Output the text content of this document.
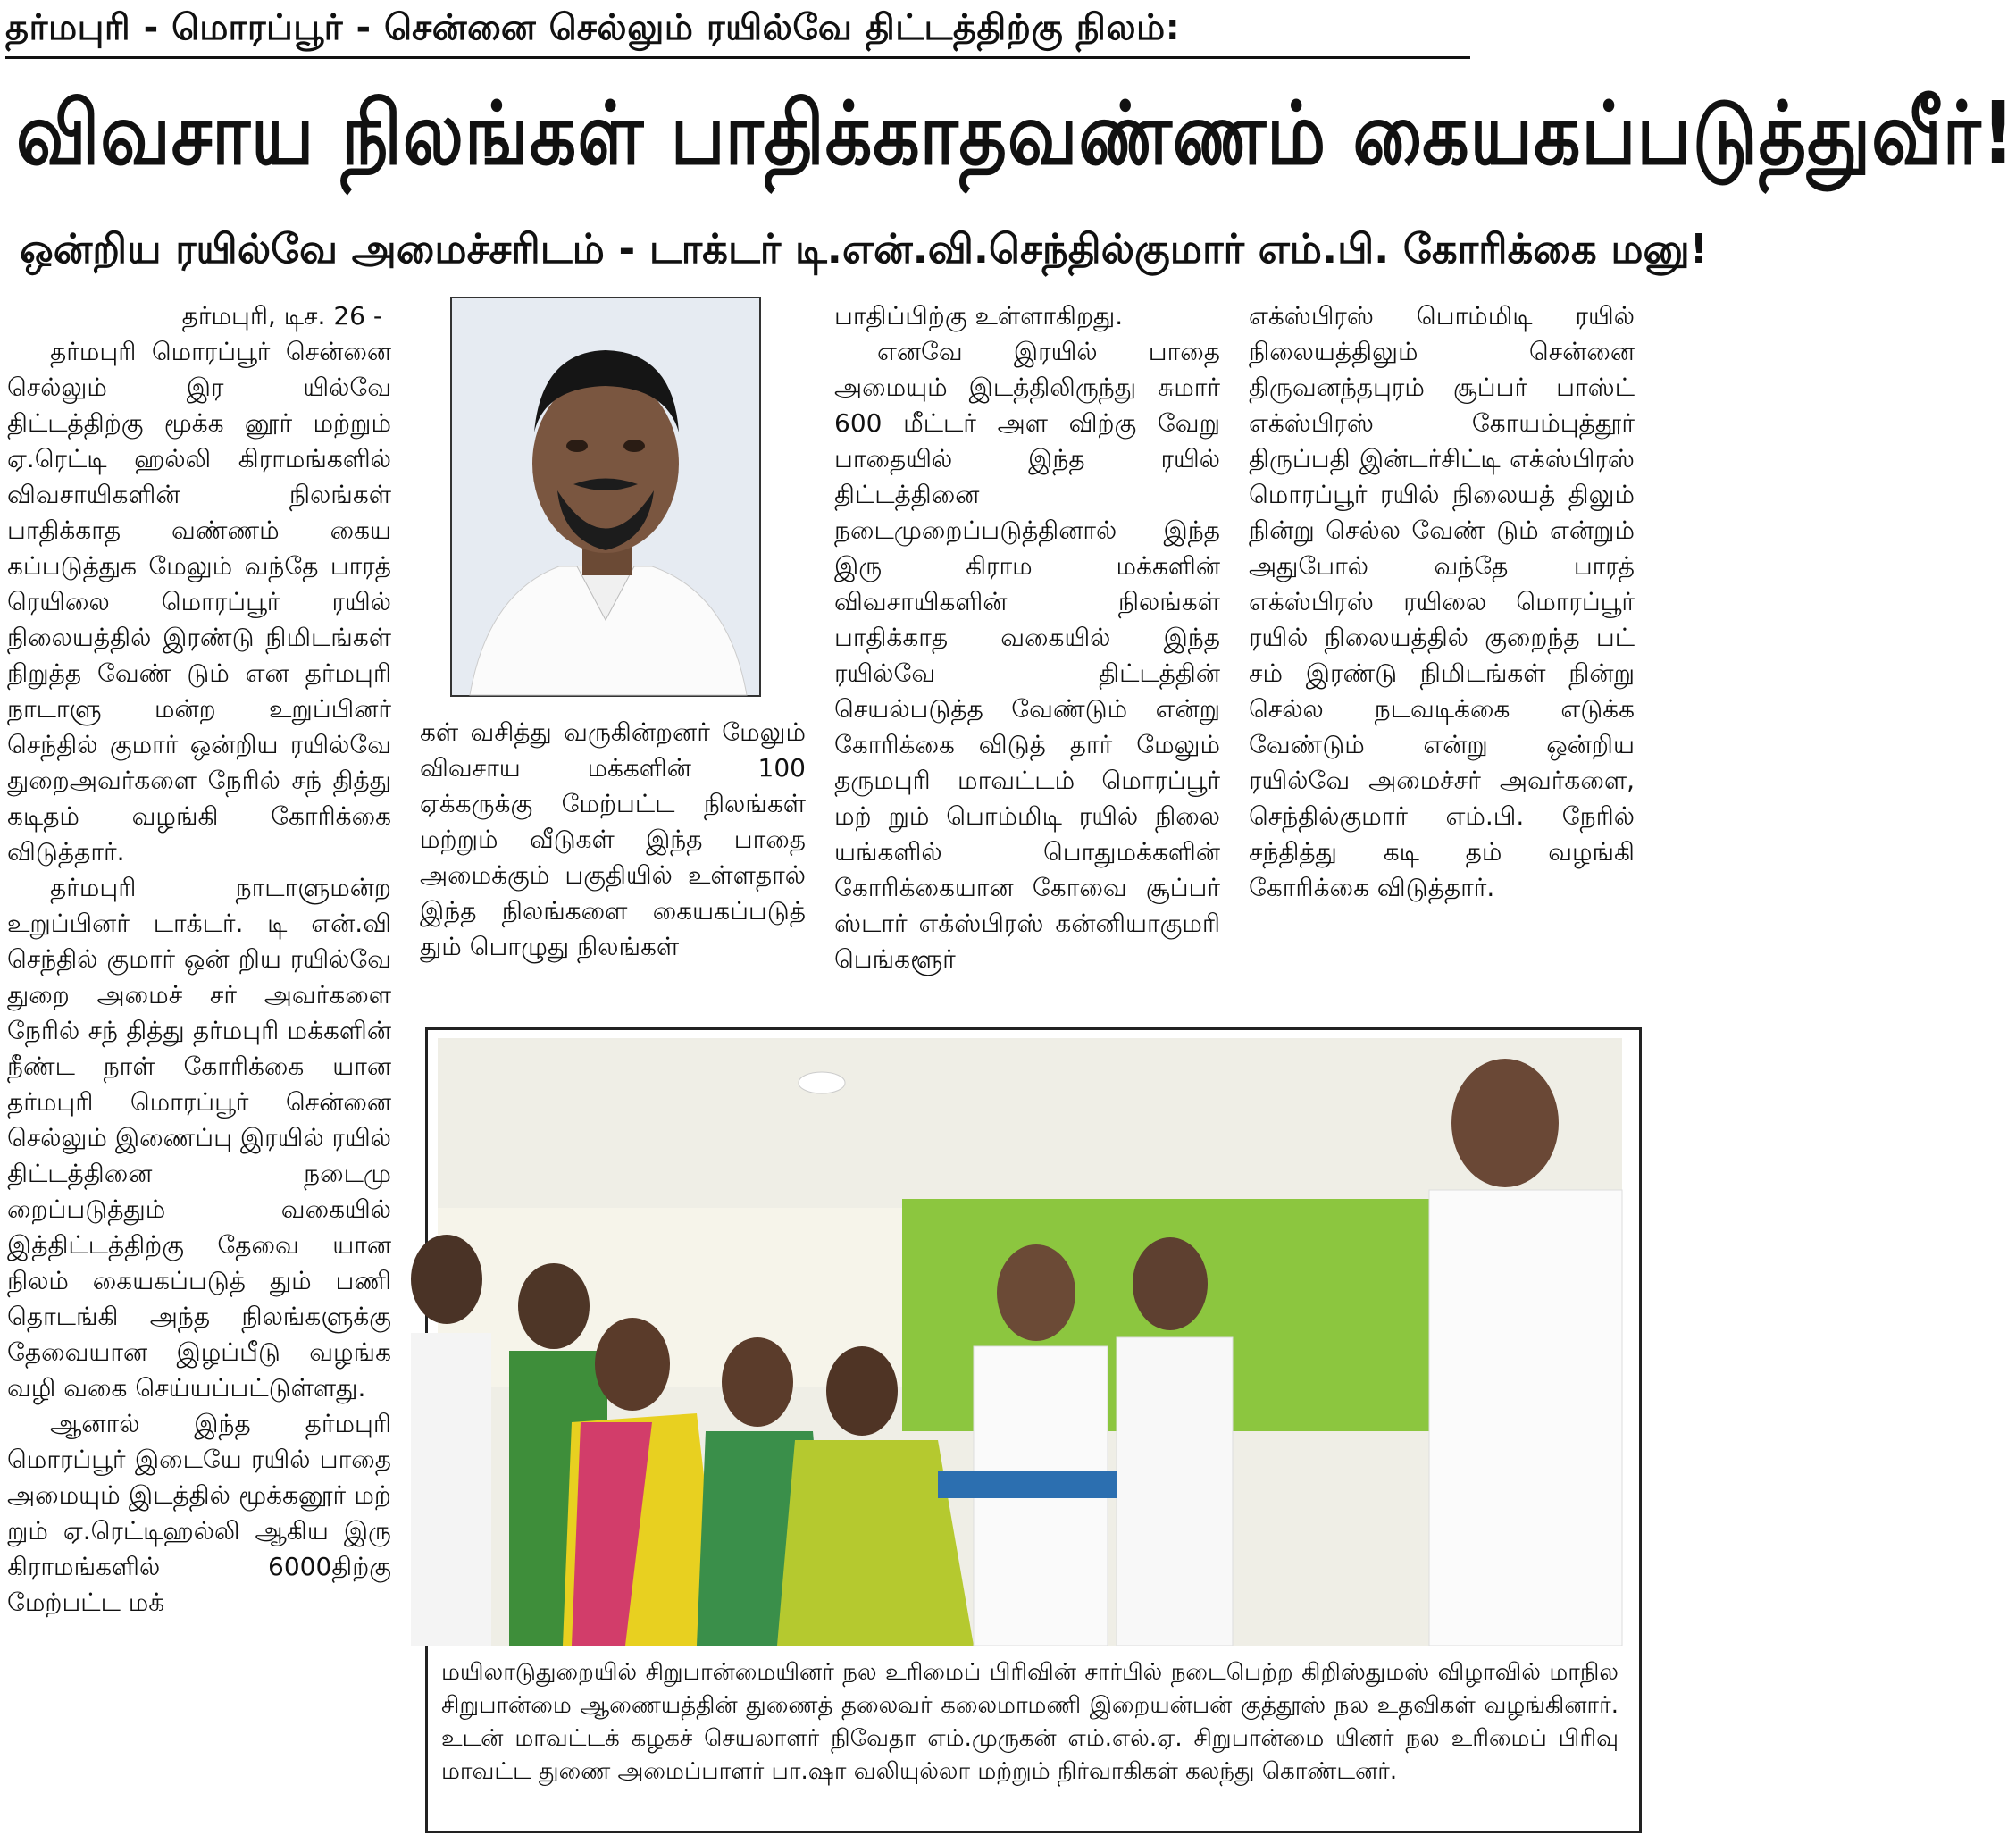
தர்மபுரி - மொரப்பூர் - சென்னை செல்லும் ரயில்வே திட்டத்திற்கு நிலம்:
விவசாய நிலங்கள் பாதிக்காதவண்ணம் கையகப்படுத்துவீர்!
ஒன்றிய ரயில்வே அமைச்சரிடம் - டாக்டர் டி.என்.வி.செந்தில்குமார் எம்.பி. கோரிக்கை மனு!

தர்மபுரி, டிச. 26 -

தர்மபுரி மொரப்பூர் சென்னை செல்லும் இர யில்வே திட்டத்திற்கு மூக்க னூர் மற்றும் ஏ.ரெட்டி ஹல்லி கிராமங்களில் விவசாயிகளின் நிலங்கள் பாதிக்காத வண்ணம் கைய கப்படுத்துக மேலும் வந்தே பாரத் ரெயிலை மொரப்பூர் ரயில் நிலையத்தில் இரண்டு நிமிடங்கள் நிறுத்த வேண் டும் என தர்மபுரி நாடாளு மன்ற உறுப்பினர் செந்தில் குமார் ஒன்றிய ரயில்வே துறைஅவர்களை நேரில் சந் தித்து கடிதம் வழங்கி கோரிக்கை விடுத்தார்.

தர்மபுரி நாடாளுமன்ற உறுப்பினர் டாக்டர். டி என்.வி செந்தில் குமார் ஒன் றிய ரயில்வே துறை அமைச் சர் அவர்களை நேரில் சந் தித்து தர்மபுரி மக்களின் நீண்ட நாள் கோரிக்கை யான தர்மபுரி மொரப்பூர் சென்னை செல்லும் இணைப்பு இரயில் ரயில் திட்டத்தினை நடைமு றைப்படுத்தும் வகையில் இத்திட்டத்திற்கு தேவை யான நிலம் கையகப்படுத் தும் பணி தொடங்கி அந்த நிலங்களுக்கு தேவையான இழப்பீடு வழங்க வழி வகை செய்யப்பட்டுள்ளது.

ஆனால் இந்த தர்மபுரி மொரப்பூர் இடையே ரயில் பாதை அமையும் இடத்தில் மூக்கனூர் மற் றும் ஏ.ரெட்டிஹல்லி ஆகிய இரு கிராமங்களில் 6000திற்கு மேற்பட்ட மக்

கள் வசித்து வருகின்றனர் மேலும் விவசாய மக்களின் 100 ஏக்கருக்கு மேற்பட்ட நிலங்கள் மற்றும் வீடுகள் இந்த பாதை அமைக்கும் பகுதியில் உள்ளதால் இந்த நிலங்களை கையகப்படுத் தும் பொழுது நிலங்கள்

பாதிப்பிற்கு உள்ளாகிறது.

எனவே இரயில் பாதை அமையும் இடத்திலிருந்து சுமார் 600 மீட்டர் அள விற்கு வேறு பாதையில் இந்த ரயில் திட்டத்தினை நடைமுறைப்படுத்தினால் இந்த இரு கிராம மக்களின் விவசாயிகளின் நிலங்கள் பாதிக்காத வகையில் இந்த ரயில்வே திட்டத்தின் செயல்படுத்த வேண்டும் என்று கோரிக்கை விடுத் தார் மேலும் தருமபுரி மாவட்டம் மொரப்பூர் மற் றும் பொம்மிடி ரயில் நிலை யங்களில் பொதுமக்களின் கோரிக்கையான கோவை சூப்பர் ஸ்டார் எக்ஸ்பிரஸ் கன்னியாகுமரி பெங்களூர்

எக்ஸ்பிரஸ் பொம்மிடி ரயில் நிலையத்திலும் சென்னை திருவனந்தபுரம் சூப்பர் பாஸ்ட் எக்ஸ்பிரஸ் கோயம்புத்தூர் திருப்பதி இன்டர்சிட்டி எக்ஸ்பிரஸ் மொரப்பூர் ரயில் நிலையத் திலும் நின்று செல்ல வேண் டும் என்றும் அதுபோல் வந்தே பாரத் எக்ஸ்பிரஸ் ரயிலை மொரப்பூர் ரயில் நிலையத்தில் குறைந்த பட் சம் இரண்டு நிமிடங்கள் நின்று செல்ல நடவடிக்கை எடுக்க வேண்டும் என்று ஒன்றிய ரயில்வே அமைச்சர் அவர்களை, செந்தில்குமார் எம்.பி. நேரில் சந்தித்து கடி தம் வழங்கி கோரிக்கை விடுத்தார்.

மயிலாடுதுறையில் சிறுபான்மையினர் நல உரிமைப் பிரிவின் சார்பில் நடைபெற்ற கிறிஸ்துமஸ் விழாவில் மாநில சிறுபான்மை ஆணையத்தின் துணைத் தலைவர் கலைமாமணி இறையன்பன் குத்தூஸ் நல உதவிகள் வழங்கினார். உடன் மாவட்டக் கழகச் செயலாளர் நிவேதா எம்.முருகன் எம்.எல்.ஏ. சிறுபான்மை யினர் நல உரிமைப் பிரிவு மாவட்ட துணை அமைப்பாளர் பா.ஷா வலியுல்லா மற்றும் நிர்வாகிகள் கலந்து கொண்டனர்.
